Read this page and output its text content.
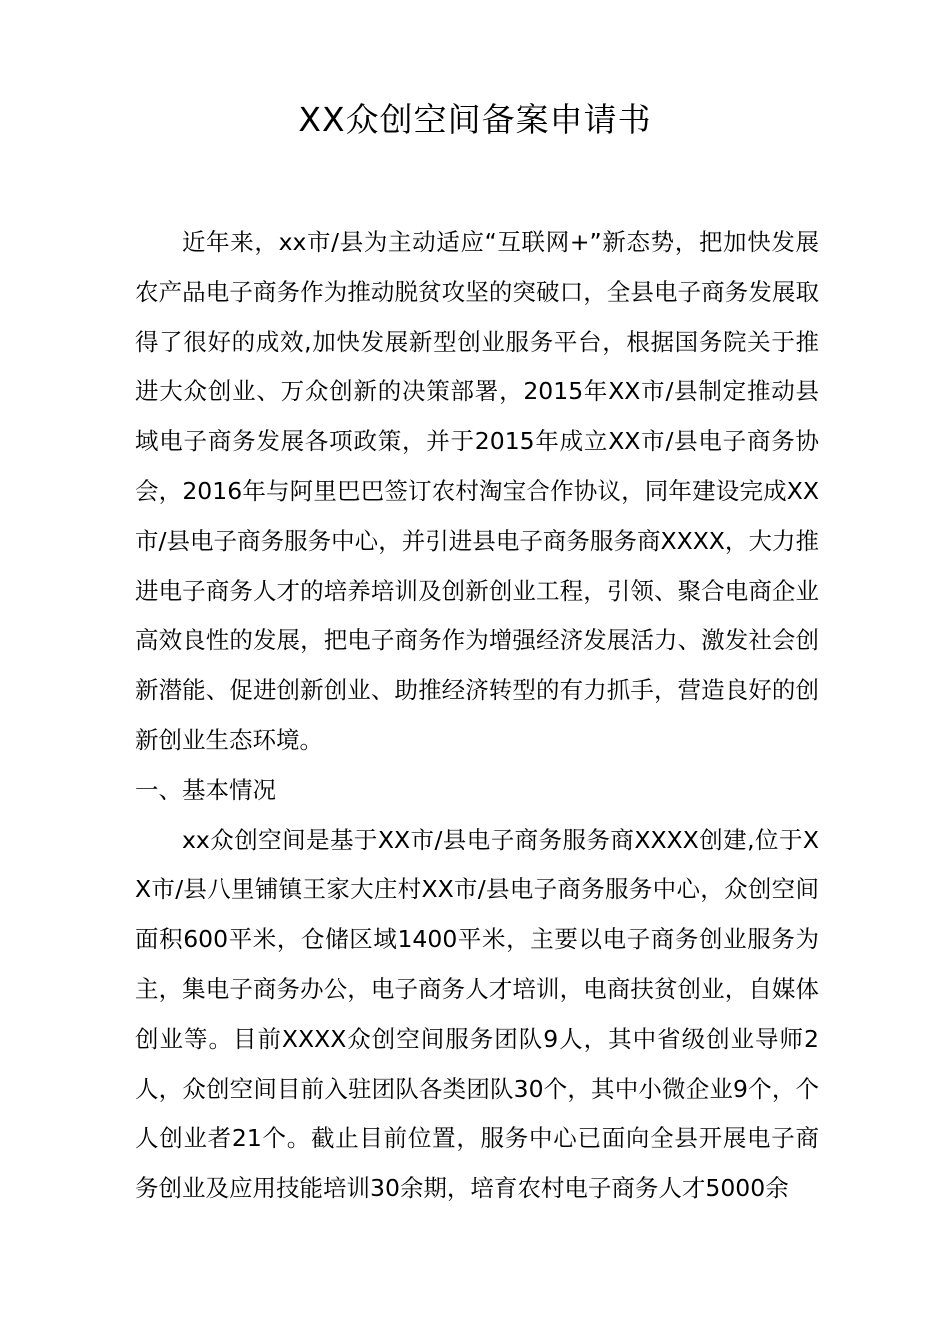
XX众创空间备案申请书

近年来，xx市/县为主动适应“互联网+”新态势，把加快发展农产品电子商务作为推动脱贫攻坚的突破口，全县电子商务发展取得了很好的成效,加快发展新型创业服务平台，根据国务院关于推进大众创业、万众创新的决策部署，2015年XX市/县制定推动县域电子商务发展各项政策，并于2015年成立XX市/县电子商务协会，2016年与阿里巴巴签订农村淘宝合作协议，同年建设完成XX市/县电子商务服务中心，并引进县电子商务服务商XXXX，大力推进电子商务人才的培养培训及创新创业工程，引领、聚合电商企业高效良性的发展，把电子商务作为增强经济发展活力、激发社会创新潜能、促进创新创业、助推经济转型的有力抓手，营造良好的创新创业生态环境。

一、基本情况

xx众创空间是基于XX市/县电子商务服务商XXXX创建,位于XX市/县八里铺镇王家大庄村XX市/县电子商务服务中心，众创空间面积600平米，仓储区域1400平米，主要以电子商务创业服务为主，集电子商务办公，电子商务人才培训，电商扶贫创业，自媒体创业等。目前XXXX众创空间服务团队9人，其中省级创业导师2人，众创空间目前入驻团队各类团队30个，其中小微企业9个，个人创业者21个。截止目前位置，服务中心已面向全县开展电子商务创业及应用技能培训30余期，培育农村电子商务人才5000余
